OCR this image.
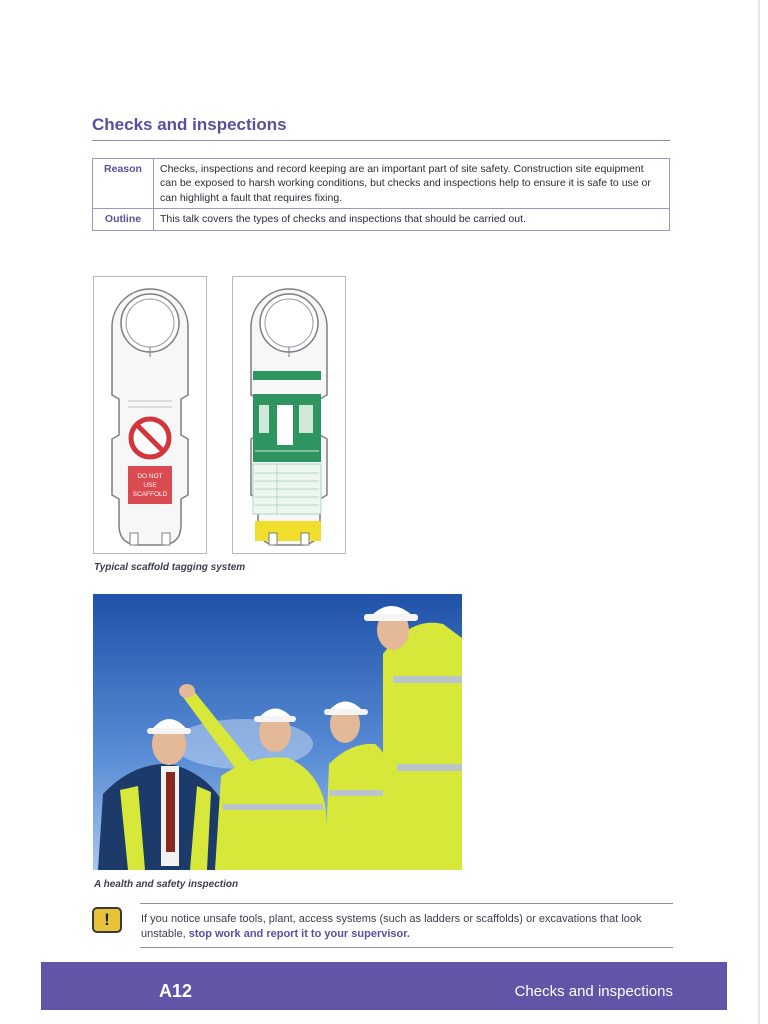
Checks and inspections
Reason	Checks, inspections and record keeping are an important part of site safety. Construction site equipment can be exposed to harsh working conditions, but checks and inspections help to ensure it is safe to use or can highlight a fault that requires fixing.
Outline	This talk covers the types of checks and inspections that should be carried out.
DO NOT
USE
SCAFFOLD
Typical scaffold tagging system
A health and safety inspection
!	If you notice unsafe tools, plant, access systems (such as ladders or scaffolds) or excavations that look unstable, stop work and report it to your supervisor.
A12	Checks and inspections
